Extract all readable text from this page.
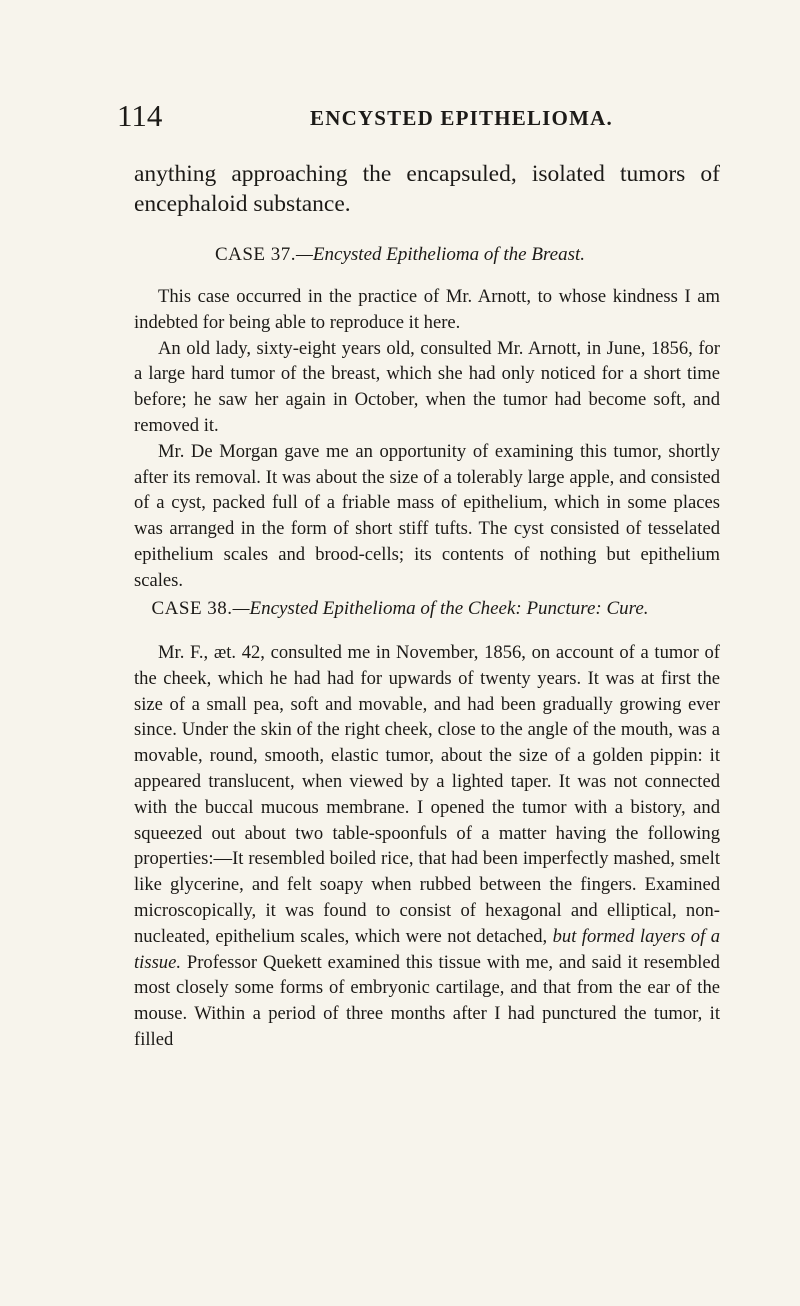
114	ENCYSTED EPITHELIOMA.

anything approaching the encapsuled, isolated tumors of encephaloid substance.

CASE 37.—Encysted Epithelioma of the Breast.

This case occurred in the practice of Mr. Arnott, to whose kindness I am indebted for being able to reproduce it here.

An old lady, sixty-eight years old, consulted Mr. Arnott, in June, 1856, for a large hard tumor of the breast, which she had only noticed for a short time before; he saw her again in October, when the tumor had become soft, and removed it.

Mr. De Morgan gave me an opportunity of examining this tumor, shortly after its removal. It was about the size of a tolerably large apple, and consisted of a cyst, packed full of a friable mass of epithelium, which in some places was arranged in the form of short stiff tufts. The cyst consisted of tesselated epithelium scales and brood-cells; its contents of nothing but epithelium scales.

CASE 38.—Encysted Epithelioma of the Cheek: Puncture: Cure.

Mr. F., æt. 42, consulted me in November, 1856, on account of a tumor of the cheek, which he had had for upwards of twenty years. It was at first the size of a small pea, soft and movable, and had been gradually growing ever since. Under the skin of the right cheek, close to the angle of the mouth, was a movable, round, smooth, elastic tumor, about the size of a golden pippin: it appeared translucent, when viewed by a lighted taper. It was not connected with the buccal mucous membrane. I opened the tumor with a bistory, and squeezed out about two table-spoonfuls of a matter having the following properties:—It resembled boiled rice, that had been imperfectly mashed, smelt like glycerine, and felt soapy when rubbed between the fingers. Examined microscopically, it was found to consist of hexagonal and elliptical, non-nucleated, epithelium scales, which were not detached, but formed layers of a tissue. Professor Quekett examined this tissue with me, and said it resembled most closely some forms of embryonic cartilage, and that from the ear of the mouse. Within a period of three months after I had punctured the tumor, it filled
